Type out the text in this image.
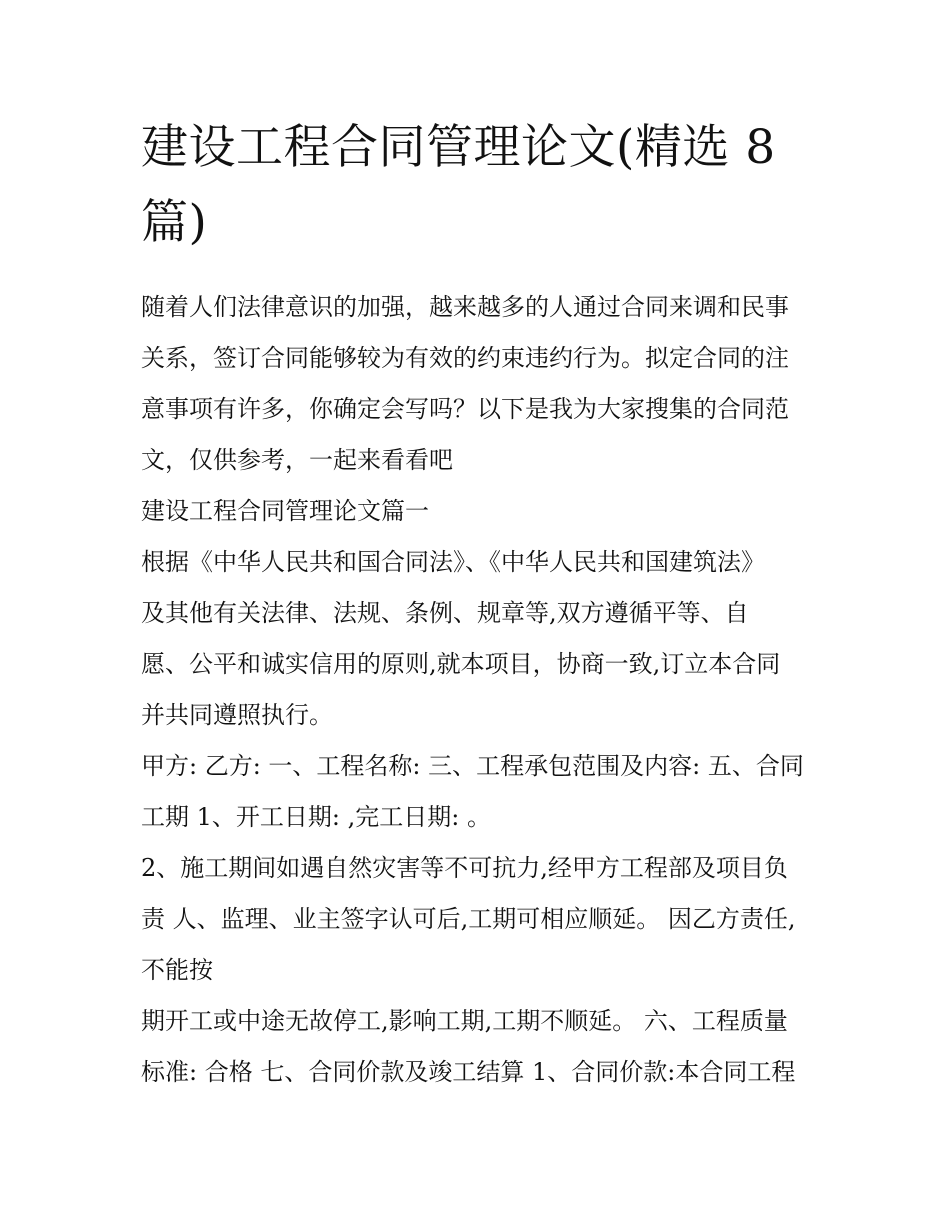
建设工程合同管理论文(精选 8
篇)

随着人们法律意识的加强，越来越多的人通过合同来调和民事

关系，签订合同能够较为有效的约束违约行为。拟定合同的注

意事项有许多，你确定会写吗？以下是我为大家搜集的合同范

文，仅供参考，一起来看看吧

建设工程合同管理论文篇一

根据《中华人民共和国合同法》、《中华人民共和国建筑法》

及其他有关法律、法规、条例、规章等,双方遵循平等、自

愿、公平和诚实信用的原则,就本项目，协商一致,订立本合同

并共同遵照执行。

甲方: 乙方: 一、工程名称: 三、工程承包范围及内容: 五、合同

工期 1、开工日期: ,完工日期: 。

2、施工期间如遇自然灾害等不可抗力,经甲方工程部及项目负

责 人、监理、业主签字认可后,工期可相应顺延。 因乙方责任,

不能按

期开工或中途无故停工,影响工期,工期不顺延。 六、工程质量

标准: 合格 七、合同价款及竣工结算 1、合同价款:本合同工程
